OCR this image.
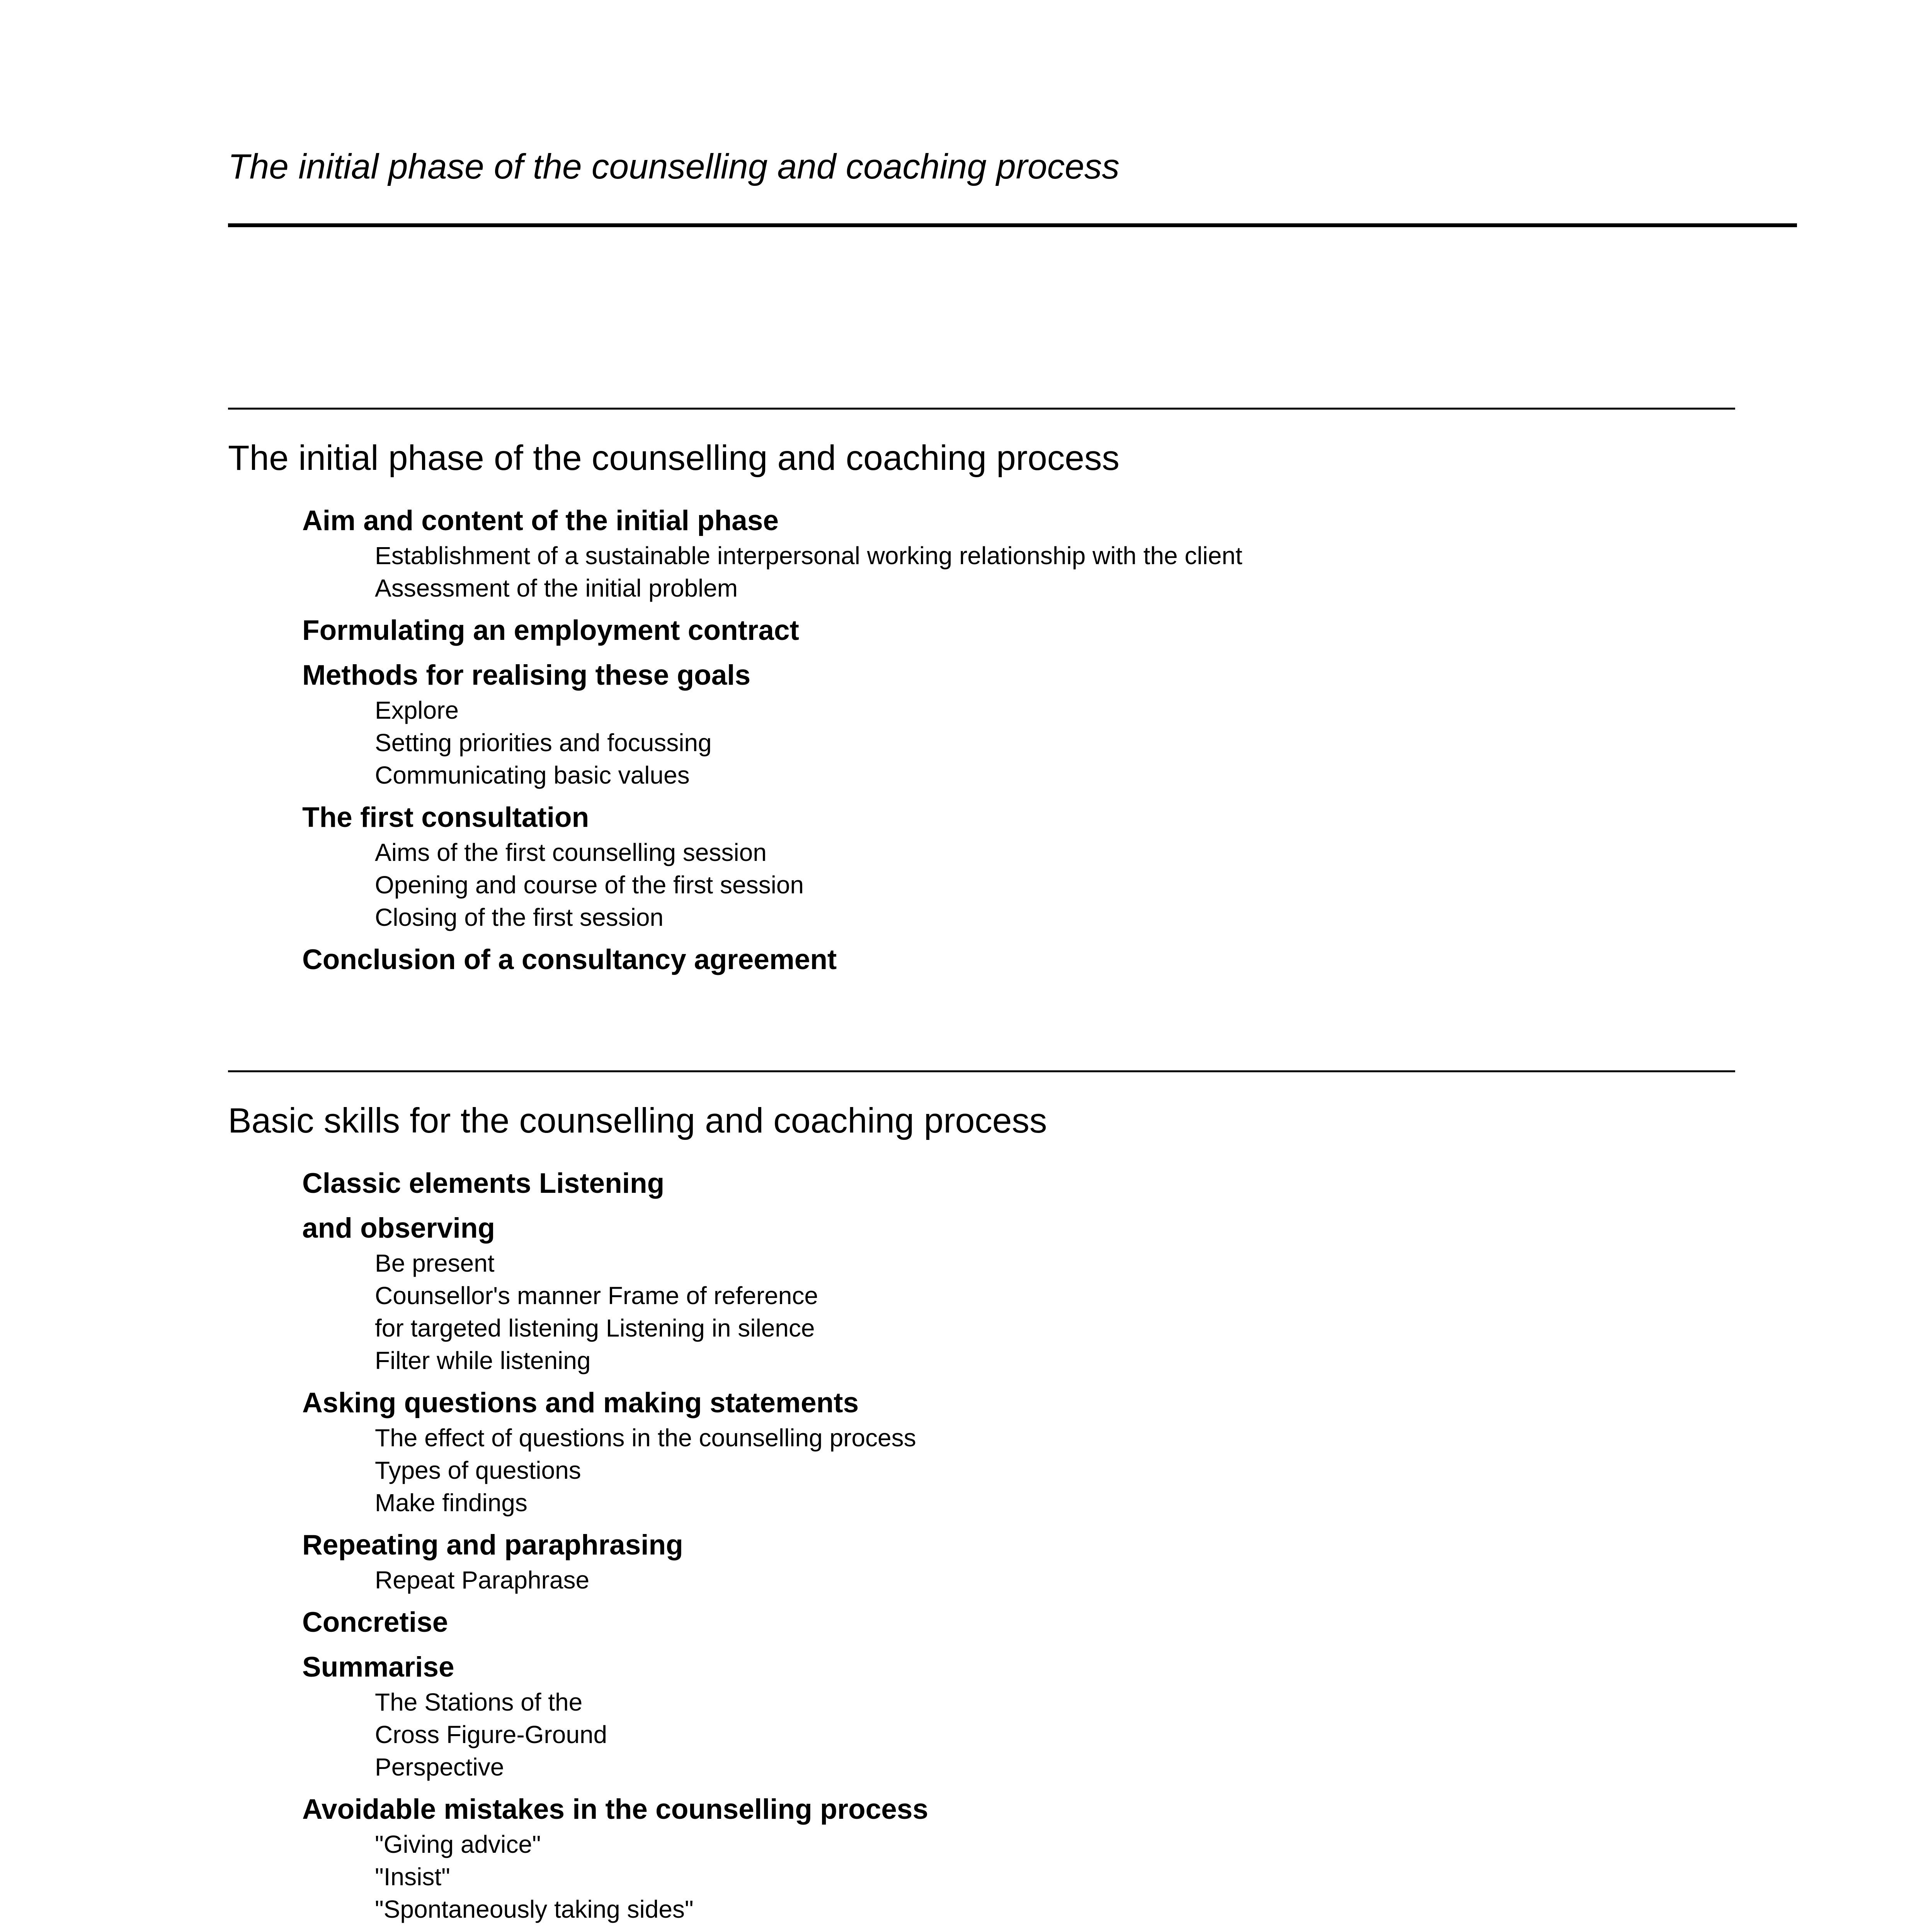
The initial phase of the counselling and coaching process
The initial phase of the counselling and coaching process
Aim and content of the initial phase
Establishment of a sustainable interpersonal working relationship with the client
Assessment of the initial problem
Formulating an employment contract
Methods for realising these goals
Explore
Setting priorities and focussing
Communicating basic values
The first consultation
Aims of the first counselling session
Opening and course of the first session
Closing of the first session
Conclusion of a consultancy agreement
Basic skills for the counselling and coaching process
Classic elements Listening
and observing
Be present
Counsellor's manner Frame of reference
for targeted listening Listening in silence
Filter while listening
Asking questions and making statements
The effect of questions in the counselling process
Types of questions
Make findings
Repeating and paraphrasing
Repeat Paraphrase
Concretise
Summarise
The Stations of the
Cross Figure-Ground
Perspective
Avoidable mistakes in the counselling process
"Giving advice"
"Insist"
"Spontaneously taking sides"
